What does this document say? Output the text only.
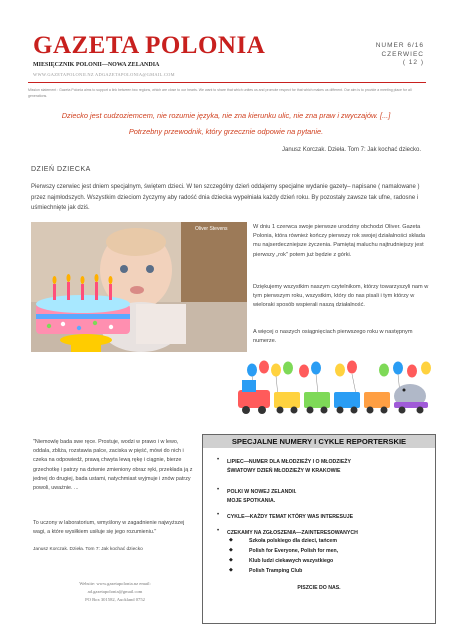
GAZETA POLONIA
MIESIĘCZNIK POLONII—NOWA ZELANDIA
WWW.GAZETAPOLONII.NZ ADGAZETAPOLONIA@GMAIL.COM
NUMER 6/16
CZERWIEC
( 12 )
Mission statement : Gazeta Polonia aims to support a link between two regions, which are close to our hearts. We want to share that which unites us and promote respect for that which makes us different. Our aim is to provide a meeting place for all generations.
Dziecko jest cudzoziemcem, nie rozumie języka, nie zna kierunku ulic, nie zna praw i zwyczajów. [...]
Potrzebny przewodnik, który grzecznie odpowie na pytanie.
Janusz Korczak. Dzieła. Tom 7: Jak kochać dziecko.
DZIEŃ DZIECKA
Pierwszy czerwiec jest dniem specjalnym, świętem dzieci. W ten szczególny dzień oddajemy specjalne wydanie gazety– napisane ( namalowane ) przez najmłodszych. Wszystkim dzieciom życzymy aby radość dnia dziecka wypełniała każdy dzień roku. By pozostały zawsze tak ufne, radosne i uśmiechnięte jak dziś.
Oliver Stevens	W dniu 1 czerwca swoje pierwsze urodziny obchodzi Oliver. Gazeta Polonia, która również kończy pierwszy rok swojej działalności składa mu najserdeczniejsze życzenia. Pamiętaj maluchu najtrudniejszy jest pierwszy „rok" potem już będzie z górki.
Dziękujemy wszystkim naszym czytelnikom, którzy towarzyszyli nam w tym pierwszym roku, wszystkim, który do nas pisali i tym którzy w wieloraki sposób wspierali naszą działalność.
A więcej o naszych osiągnięciach pierwszego roku w następnym numerze.
"Niemowlę bada swe ręce. Prostuje, wodzi w prawo i w lewo, oddala, zbliża, rozstawia palce, zaciska w pięść, mówi do nich i czeka na odpowiedź, prawą chwyta lewą rękę i ciągnie, bierze grzechotkę i patrzy na dziwnie zmieniony obraz ręki, przekłada ją z jednej do drugiej, bada ustami, natychmiast wyjmuje i znów patrzy powoli, uważnie. ...
To uczony w laboratorium, wmyślony w zagadnienie najwyższej wagi, a które wysiłkiem usiłuje się jego rozumieniu."
Janusz Korczak. Dzieła. Tom 7: Jak kochać dziecko
SPECJALNE NUMERY I CYKLE REPORTERSKIE
• LIPIEC—NUMER DLA MŁODZIEŻY I O MŁODZIEŻY
ŚWIATOWY DZIEŃ MŁODZIEŻY W KRAKOWIE
• POLKI W NOWEJ ZELANDII.
MOJE SPOTKANIA.
• CYKLE—KAŻDY TEMAT KTÓRY WAS INTERESUJE
• CZEKAMY NA ZGŁOSZENIA—ZAINTERESOWANYCH
◆	Szkoła polskiego dla dzieci, tańcem
◆	Polish for Everyone, Polish for men,
◆	Klub ludzi ciekawych wszystkiego
◆	Polish Tramping Club
PISZCIE DO NAS.
Website: www.gazetapolonia.nz email:
ad.gazetapolonia@gmail.com
PO Box 301582, Auckland 0752
